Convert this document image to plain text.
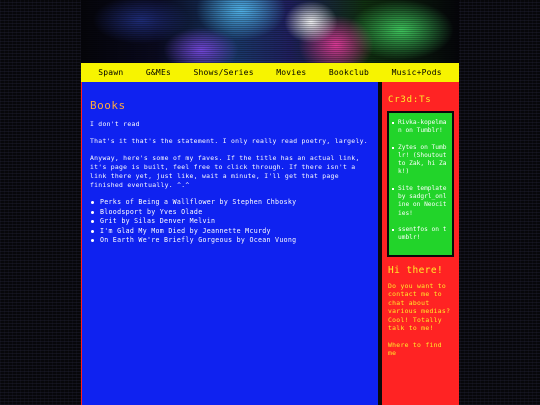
Spawn	G&MEs	Shows/Series	Movies	Bookclub	Music+Pods
Books

I don't read

That's it that's the statement. I only really read poetry, largely.

Anyway, here's some of my faves. If the title has an actual link, it's page is built, feel free to click through. If there isn't a link there yet, just like, wait a minute, I'll get that page finished eventually. ^.^

Perks of Being a Wallflower by Stephen Chbosky
Bloodsport by Yves Olade
Grit by Silas Denver Melvin
I'm Glad My Mom Died by Jeannette Mcurdy
On Earth We're Briefly Gorgeous by Ocean Vuong
Cr3d:Ts
Rivka-kopelman on Tumblr!
Zytes on Tumblr! (Shoutout to Zak, hi Zak!)
Site template by sadgrl_online on Neocities!
ssentfos on tumblr!
Hi there!
Do you want to contact me to chat about various medias? Cool! Totally talk to me!
Where to find me
